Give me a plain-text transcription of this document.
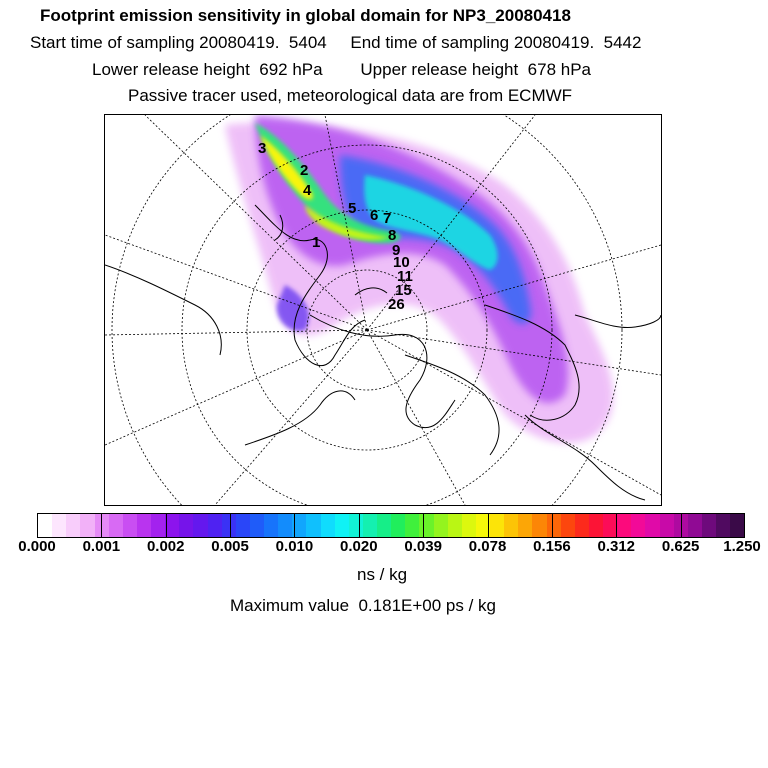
Footprint emission sensitivity in global domain for NP3_20080418
Start time of sampling 20080419.  5404     End time of sampling 20080419.  5442
Lower release height  692 hPa        Upper release height  678 hPa
Passive tracer used, meteorological data are from ECMWF
3
2
4
5 6 7
1	8
9
10
11
15
26
0.000 0.001 0.002 0.005 0.010 0.020 0.039 0.078 0.156 0.312 0.625 1.250
ns / kg
Maximum value  0.181E+00 ps / kg
